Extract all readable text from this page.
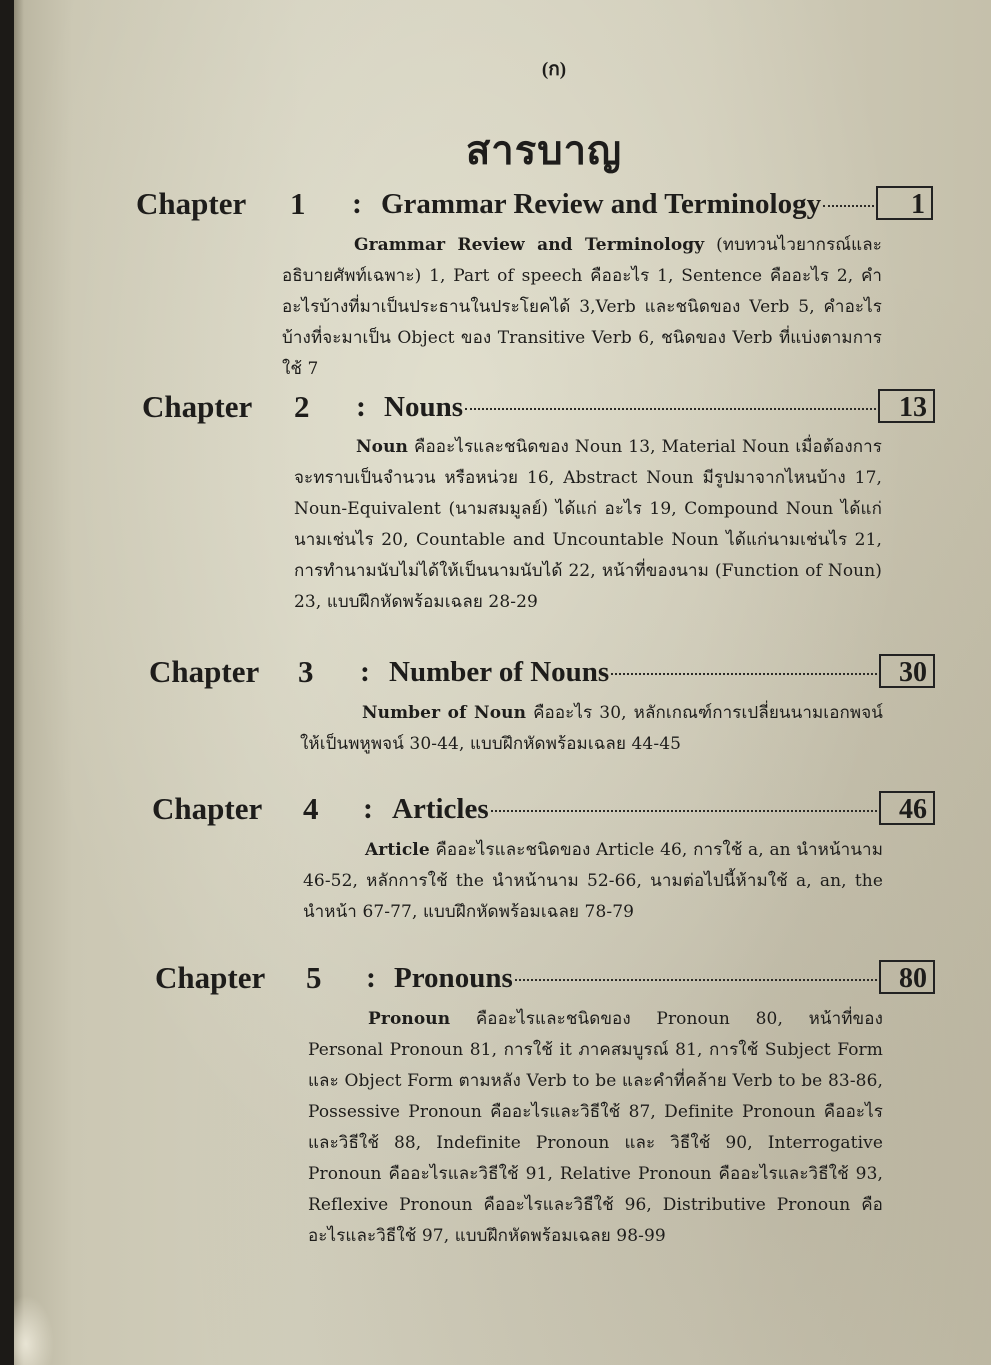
(ก)
สารบาญ
Chapter 1 : Grammar Review and Terminology	1
Grammar Review and Terminology (ทบทวนไวยากรณ์และอธิบายศัพท์เฉพาะ) 1, Part of speech คืออะไร 1, Sentence คืออะไร 2, คำอะไรบ้างที่มาเป็นประธานในประโยคได้ 3,Verb และชนิดของ Verb 5, คำอะไรบ้างที่จะมาเป็น Object ของ Transitive Verb 6, ชนิดของ Verb ที่แบ่งตามการใช้ 7
Chapter 2 : Nouns	13
Noun คืออะไรและชนิดของ Noun 13, Material Noun เมื่อต้องการจะทราบเป็นจำนวน หรือหน่วย 16, Abstract Noun มีรูปมาจากไหนบ้าง 17, Noun-Equivalent (นามสมมูลย์) ได้แก่ อะไร 19, Compound Noun ได้แก่นามเช่นไร 20, Countable and Uncountable Noun ได้แก่นามเช่นไร 21, การทำนามนับไม่ได้ให้เป็นนามนับได้ 22, หน้าที่ของนาม (Function of Noun) 23, แบบฝึกหัดพร้อมเฉลย 28-29
Chapter 3 : Number of Nouns	30
Number of Noun คืออะไร 30, หลักเกณฑ์การเปลี่ยนนามเอกพจน์ให้เป็นพหูพจน์ 30-44, แบบฝึกหัดพร้อมเฉลย 44-45
Chapter 4 : Articles	46
Article คืออะไรและชนิดของ Article 46, การใช้ a, an นำหน้านาม 46-52, หลักการใช้ the นำหน้านาม 52-66, นามต่อไปนี้ห้ามใช้ a, an, the นำหน้า 67-77, แบบฝึกหัดพร้อมเฉลย 78-79
Chapter 5 : Pronouns	80
Pronoun คืออะไรและชนิดของ Pronoun 80, หน้าที่ของ Personal Pronoun 81, การใช้ it ภาคสมบูรณ์ 81, การใช้ Subject Form และ Object Form ตามหลัง Verb to be และคำที่คล้าย Verb to be 83-86, Possessive Pronoun คืออะไรและวิธีใช้ 87, Definite Pronoun คืออะไรและวิธีใช้ 88, Indefinite Pronoun และ วิธีใช้ 90, Interrogative Pronoun คืออะไรและวิธีใช้ 91, Relative Pronoun คืออะไรและวิธีใช้ 93, Reflexive Pronoun คืออะไรและวิธีใช้ 96, Distributive Pronoun คืออะไรและวิธีใช้ 97, แบบฝึกหัดพร้อมเฉลย 98-99
